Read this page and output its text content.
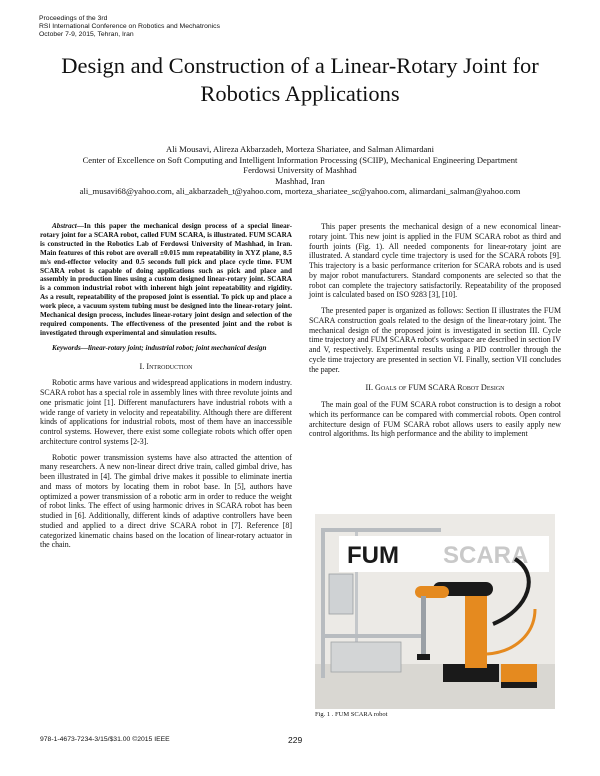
Proceedings of the 3rd
RSI International Conference on Robotics and Mechatronics
October 7-9, 2015, Tehran, Iran
Design and Construction of a Linear-Rotary Joint for
Robotics Applications
Ali Mousavi, Alireza Akbarzadeh, Morteza Shariatee, and Salman Alimardani
Center of Excellence on Soft Computing and Intelligent Information Processing (SCIIP), Mechanical Engineering Department
Ferdowsi University of Mashhad
Mashhad, Iran
ali_musavi68@yahoo.com, ali_akbarzadeh_t@yahoo.com, morteza_shariatee_sc@yahoo.com, alimardani_salman@yahoo.com

Abstract—In this paper the mechanical design process of a special linear-rotary joint for a SCARA robot, called FUM SCARA, is illustrated. FUM SCARA is constructed in the Robotics Lab of Ferdowsi University of Mashhad, in Iran. Main features of this robot are overall ±0.015 mm repeatability in XYZ plane, 8.5 m/s end-effector velocity and 0.5 seconds full pick and place cycle time. FUM SCARA robot is capable of doing applications such as pick and place and assembly in production lines using a custom designed linear-rotary joint. SCARA is a common industrial robot with inherent high joint repeatability and rigidity. As a result, repeatability of the proposed joint is essential. To pick up and place a work piece, a vacuum system tubing must be designed into the linear-rotary joint. Mechanical design process, includes linear-rotary joint design and selection of the required components. The effectiveness of the presented joint and the robot is investigated through experimental and simulation results.

Keywords—linear-rotary joint; industrial robot; joint mechanical design

I. Introduction

Robotic arms have various and widespread applications in modern industry. SCARA robot has a special role in assembly lines with three revolute joints and one prismatic joint [1]. Different manufacturers have industrial robots with a wide range of variety in velocity and repeatability. Although there are different kinds of applications for industrial robots, most of them have an inaccessible control systems. However, there exist some collegiate robots which offer open architecture control systems [2-3].

Robotic power transmission systems have also attracted the attention of many researchers. A new non-linear direct drive train, called gimbal drive, has been illustrated in [4]. The gimbal drive makes it possible to eliminate inertia and mass of motors by locating them in robot base. In [5], authors have optimized a power transmission of a robotic arm in order to reduce the weight of robot links. The effect of using harmonic drives in SCARA robot has been studied in [6]. Additionally, different kinds of adaptive controllers have been studied and applied to a direct drive SCARA robot in [7]. Reference [8] categorized kinematic chains based on the location of linear-rotary actuator in the chain.

This paper presents the mechanical design of a new economical linear-rotary joint. This new joint is applied in the FUM SCARA robot as third and fourth joints (Fig. 1). All needed components for linear-rotary joint are illustrated. A standard cycle time trajectory is used for the SCARA robots [9]. This trajectory is a basic performance criterion for SCARA robots and is used by major robot manufacturers. Standard components are selected so that the robot can complete the trajectory satisfactorily. Repeatability of the proposed joint is calculated based on ISO 9283 [3], [10].

The presented paper is organized as follows: Section II illustrates the FUM SCARA construction goals related to the design of the linear-rotary joint. The mechanical design of the proposed joint is investigated in section III. Cycle time trajectory and FUM SCARA robot's workspace are described in section IV and V, respectively. Experimental results using a PID controller through the cycle time trajectory are presented in section VI. Finally, section VII concludes the paper.

II. Goals of FUM SCARA Robot Design

The main goal of the FUM SCARA robot construction is to design a robot which its performance can be compared with commercial robots. Open control architecture design of FUM SCARA robot allows users to easily apply new control algorithms. Its high performance and the ability to implement

FUM SCARA
Fig. 1 . FUM SCARA robot
978-1-4673-7234-3/15/$31.00 ©2015 IEEE	229
